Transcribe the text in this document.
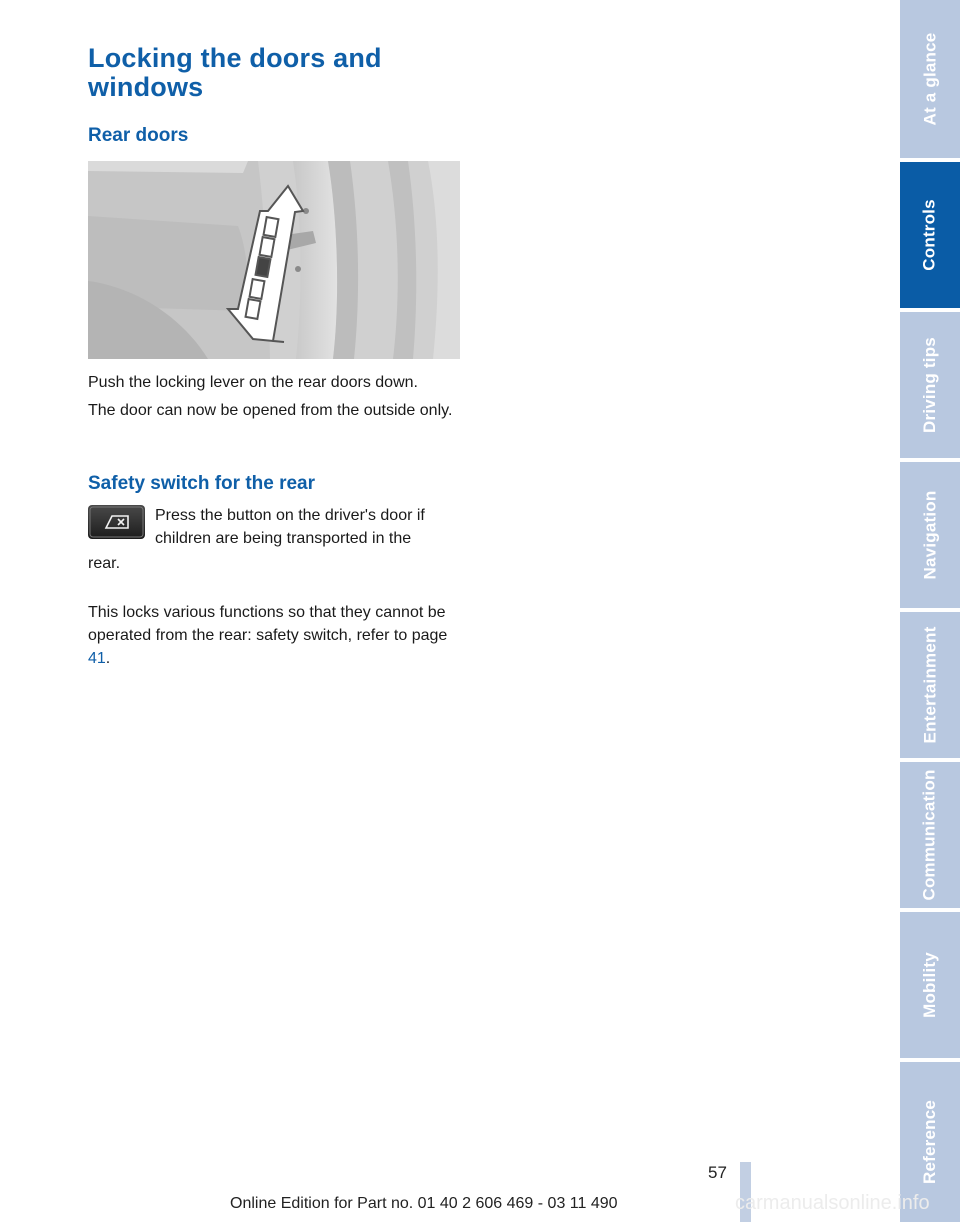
Locking the doors and
windows
Rear doors

Push the locking lever on the rear doors down.

The door can now be opened from the outside only.

Safety switch for the rear
Press the button on the driver's door if children are being transported in the
rear.

This locks various functions so that they cannot be operated from the rear: safety switch, refer to page 41.

At a glance
Controls
Driving tips
Navigation
Entertainment
Communication
Mobility
Reference
57
Online Edition for Part no. 01 40 2 606 469 - 03 11 490	carmanualsonline.info
